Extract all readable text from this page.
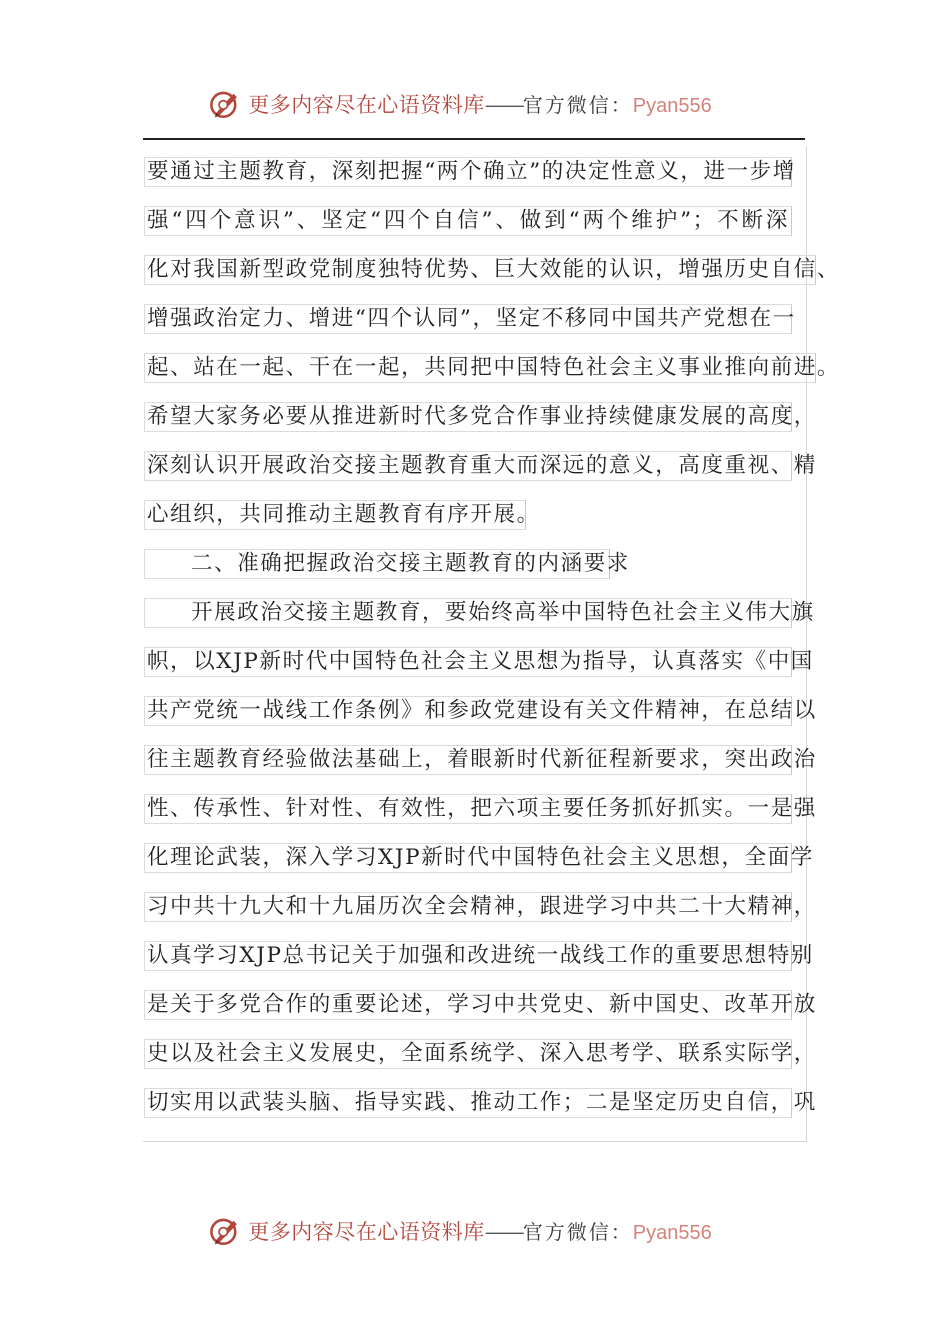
更多内容尽在心语资料库——官方微信：Pyan556
要通过主题教育，深刻把握“两个确立”的决定性意义，进一步增
强“四个意识”、坚定“四个自信”、做到“两个维护”；不断深
化对我国新型政党制度独特优势、巨大效能的认识，增强历史自信、
增强政治定力、增进“四个认同”，坚定不移同中国共产党想在一
起、站在一起、干在一起，共同把中国特色社会主义事业推向前进。
希望大家务必要从推进新时代多党合作事业持续健康发展的高度，
深刻认识开展政治交接主题教育重大而深远的意义，高度重视、精
心组织，共同推动主题教育有序开展。
二、准确把握政治交接主题教育的内涵要求
开展政治交接主题教育，要始终高举中国特色社会主义伟大旗
帜，以XJP新时代中国特色社会主义思想为指导，认真落实《中国
共产党统一战线工作条例》和参政党建设有关文件精神，在总结以
往主题教育经验做法基础上，着眼新时代新征程新要求，突出政治
性、传承性、针对性、有效性，把六项主要任务抓好抓实。一是强
化理论武装，深入学习XJP新时代中国特色社会主义思想，全面学
习中共十九大和十九届历次全会精神，跟进学习中共二十大精神，
认真学习XJP总书记关于加强和改进统一战线工作的重要思想特别
是关于多党合作的重要论述，学习中共党史、新中国史、改革开放
史以及社会主义发展史，全面系统学、深入思考学、联系实际学，
切实用以武装头脑、指导实践、推动工作；二是坚定历史自信，巩
更多内容尽在心语资料库——官方微信：Pyan556
